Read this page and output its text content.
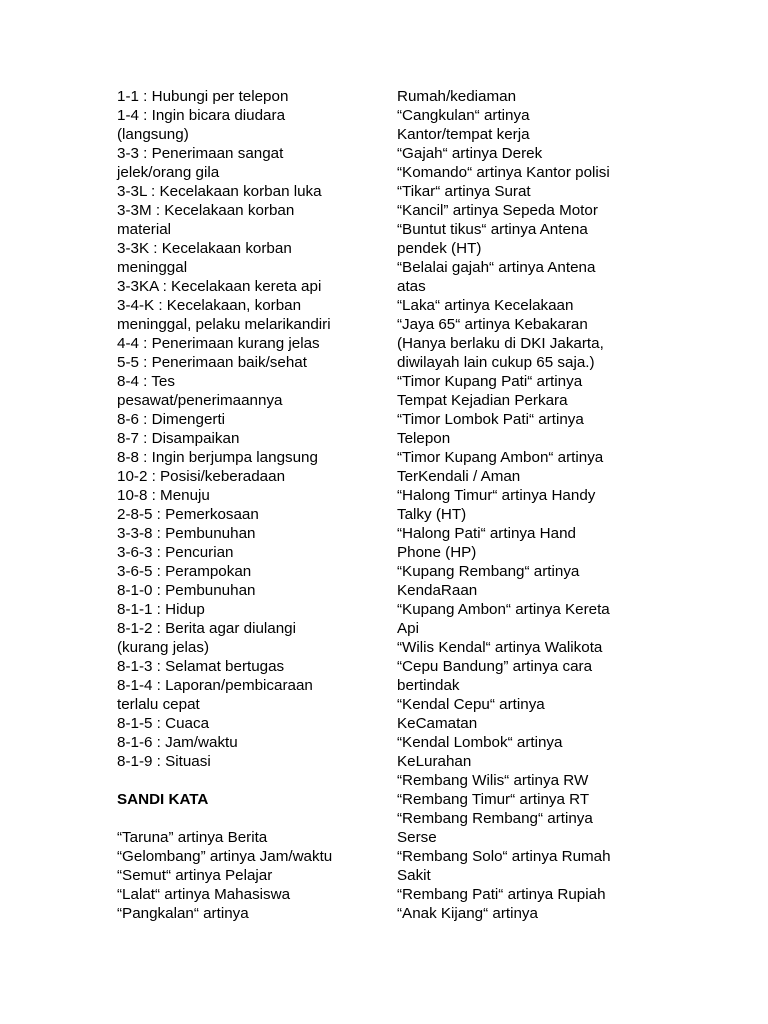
1-1 : Hubungi per telepon
1-4 : Ingin bicara diudara
(langsung)
3-3 : Penerimaan sangat
jelek/orang gila
3-3L : Kecelakaan korban luka
3-3M : Kecelakaan korban
material
3-3K : Kecelakaan korban
meninggal
3-3KA : Kecelakaan kereta api
3-4-K : Kecelakaan, korban
meninggal, pelaku melarikandiri
4-4 : Penerimaan kurang jelas
5-5 : Penerimaan baik/sehat
8-4 : Tes
pesawat/penerimaannya
8-6 : Dimengerti
8-7 : Disampaikan
8-8 : Ingin berjumpa langsung
10-2 : Posisi/keberadaan
10-8 : Menuju
2-8-5 : Pemerkosaan
3-3-8 : Pembunuhan
3-6-3 : Pencurian
3-6-5 : Perampokan
8-1-0 : Pembunuhan
8-1-1 : Hidup
8-1-2 : Berita agar diulangi
(kurang jelas)
8-1-3 : Selamat bertugas
8-1-4 : Laporan/pembicaraan
terlalu cepat
8-1-5 : Cuaca
8-1-6 : Jam/waktu
8-1-9 : Situasi
SANDI KATA
“Taruna” artinya Berita
“Gelombang” artinya Jam/waktu
“Semut“ artinya Pelajar
“Lalat“ artinya Mahasiswa
“Pangkalan“ artinya
Rumah/kediaman
“Cangkulan“ artinya
Kantor/tempat kerja
“Gajah“ artinya Derek
“Komando“ artinya Kantor polisi
“Tikar“ artinya Surat
“Kancil” artinya Sepeda Motor
“Buntut tikus“ artinya Antena
pendek (HT)
“Belalai gajah“ artinya Antena
atas
“Laka“ artinya Kecelakaan
“Jaya 65“ artinya Kebakaran
(Hanya berlaku di DKI Jakarta,
diwilayah lain cukup 65 saja.)
“Timor Kupang Pati“ artinya
Tempat Kejadian Perkara
“Timor Lombok Pati“ artinya
Telepon
“Timor Kupang Ambon“ artinya
TerKendali / Aman
“Halong Timur“ artinya Handy
Talky (HT)
“Halong Pati“ artinya Hand
Phone (HP)
“Kupang Rembang“ artinya
KendaRaan
“Kupang Ambon“ artinya Kereta
Api
“Wilis Kendal“ artinya Walikota
“Cepu Bandung” artinya cara
bertindak
“Kendal Cepu“ artinya
KeCamatan
“Kendal Lombok“ artinya
KeLurahan
“Rembang Wilis“ artinya RW
“Rembang Timur“ artinya RT
“Rembang Rembang“ artinya
Serse
“Rembang Solo“ artinya Rumah
Sakit
“Rembang Pati“ artinya Rupiah
“Anak Kijang“ artinya
